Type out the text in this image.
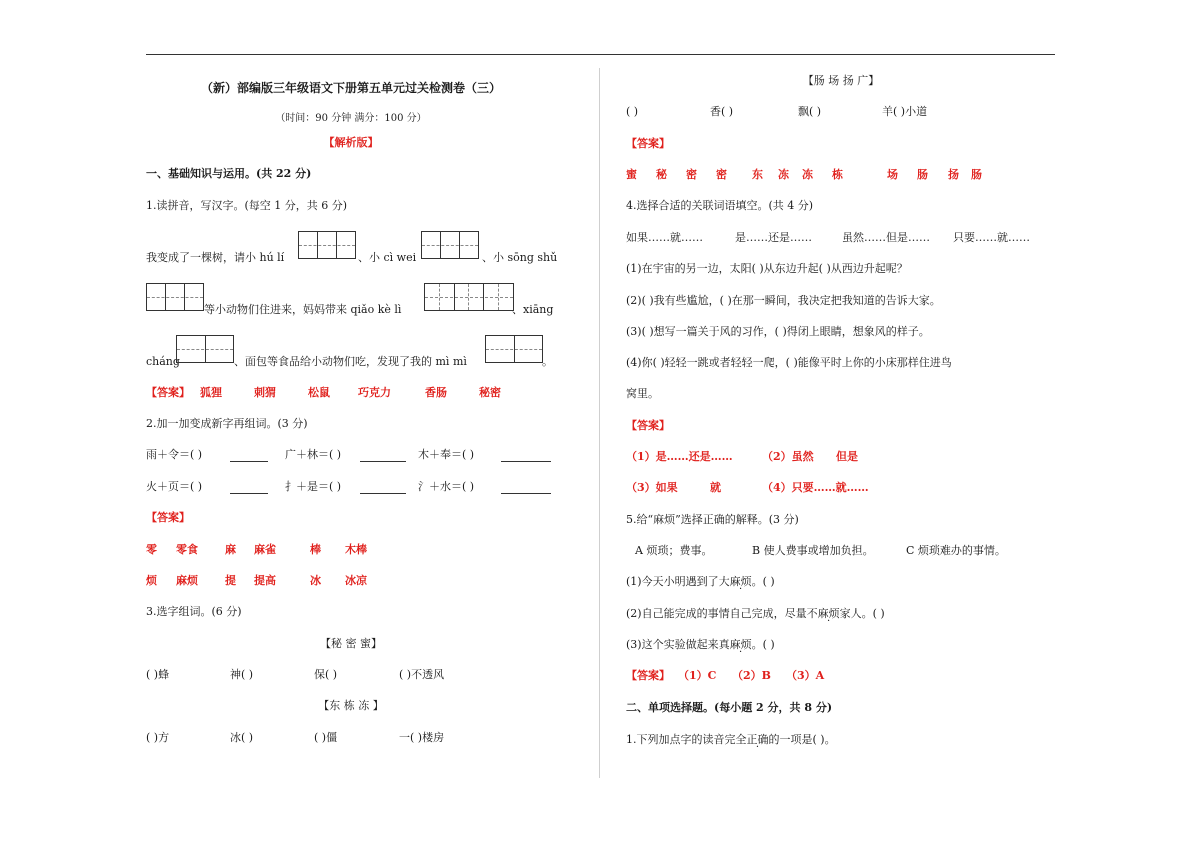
（新）部编版三年级语文下册第五单元过关检测卷（三）
（时间：90 分钟 满分：100 分）
【解析版】
一、基础知识与运用。(共 22 分)
1.读拼音，写汉字。(每空 1 分，共 6 分)
我变成了一棵树，请小 hú lí	、小 cì wei	、小 sōng shǔ
等小动物们住进来，妈妈带来 qiǎo kè lì	、xiāng
cháng	、面包等食品给小动物们吃，发现了我的 mì mì	。
【答案】 狐狸	刺猬	松鼠	巧克力	香肠	秘密
2.加一加变成新字再组词。(3 分)
雨＋令＝( )	广＋林＝( )	木＋奉＝( )
火＋页＝( )	扌＋是＝( )	氵＋水＝( )
【答案】
零 零食 麻 麻雀	棒 木棒
烦 麻烦 提 提高	冰 冰凉
3.选字组词。(6 分)
【秘 密 蜜】
( )蜂	神( )	保( )	( )不透风
【东 栋 冻 】
( )方	冰( )	( )僵	一( )楼房
【肠 场 扬 广】
( )	香( )	飘( )	羊( )小道
【答案】
蜜 秘 密 密 东 冻 冻 栋	场 肠 扬 肠
4.选择合适的关联词语填空。(共 4 分)
如果……就……	是……还是……	虽然……但是…… 只要……就……
(1)在宇宙的另一边，太阳( )从东边升起( )从西边升起呢？
(2)( )我有些尴尬，( )在那一瞬间，我决定把我知道的告诉大家。
(3)( )想写一篇关于风的习作，( )得闭上眼睛，想象风的样子。
(4)你( )轻轻一跳或者轻轻一爬，( )能像平时上你的小床那样住进鸟
窝里。
【答案】
（1）是……还是……	（2）虽然 但是
（3）如果	就	（4）只要……就……
5.给“麻烦”选择正确的解释。(3 分)
A 烦琐；费事。	B 使人费事或增加负担。	C 烦琐难办的事情。
(1)今天小明遇到了大麻烦。( )
(2)自己能完成的事情自己完成，尽量不麻烦家人。( )
(3)这个实验做起来真麻烦。( )
【答案】 （1）C （2）B （3）A
二、单项选择题。(每小题 2 分，共 8 分)
1.下列加点字的读音完全正确的一项是( )。
